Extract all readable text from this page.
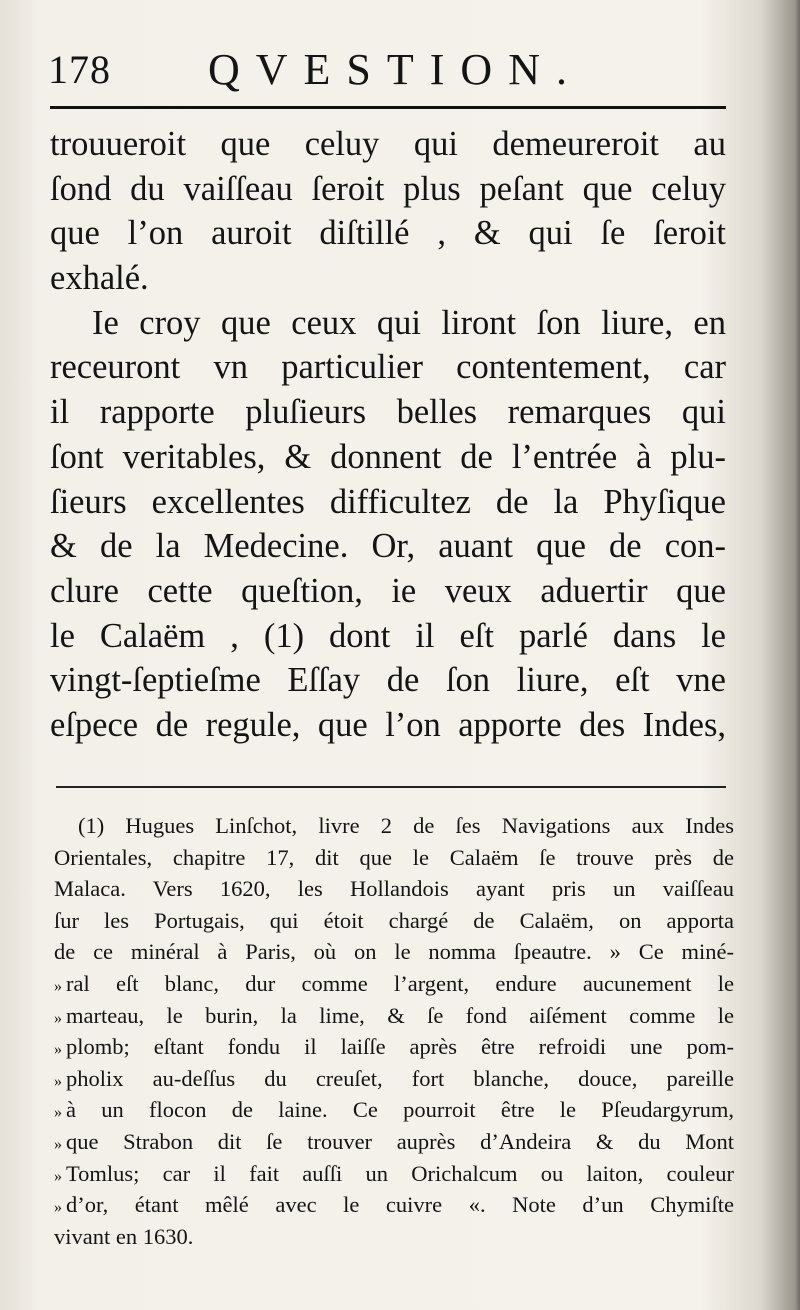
178 QVESTION.
trouueroit que celuy qui demeureroit au
ſond du vaiſſeau ſeroit plus peſant que celuy
que l’on auroit diſtillé , & qui ſe ſeroit
exhalé.
Ie croy que ceux qui liront ſon liure, en
receuront vn particulier contentement, car
il rapporte pluſieurs belles remarques qui
ſont veritables, & donnent de l’entrée à plu-
ſieurs excellentes difficultez de la Phyſique
& de la Medecine. Or, auant que de con-
clure cette queſtion, ie veux aduertir que
le Calaëm , (1) dont il eſt parlé dans le
vingt-ſeptieſme Eſſay de ſon liure, eſt vne
eſpece de regule, que l’on apporte des Indes,
(1) Hugues Linſchot, livre 2 de ſes Navigations aux Indes
Orientales, chapitre 17, dit que le Calaëm ſe trouve près de
Malaca. Vers 1620, les Hollandois ayant pris un vaiſſeau
ſur les Portugais, qui étoit chargé de Calaëm, on apporta
de ce minéral à Paris, où on le nomma ſpeautre. » Ce miné-
» ral eſt blanc, dur comme l’argent, endure aucunement le
» marteau, le burin, la lime, & ſe fond aiſément comme le
» plomb; eſtant fondu il laiſſe après être refroidi une pom-
» pholix au-deſſus du creuſet, fort blanche, douce, pareille
» à un flocon de laine. Ce pourroit être le Pſeudargyrum,
» que Strabon dit ſe trouver auprès d’Andeira & du Mont
» Tomlus; car il fait auſſi un Orichalcum ou laiton, couleur
» d’or, étant mêlé avec le cuivre «. Note d’un Chymiſte
vivant en 1630.
